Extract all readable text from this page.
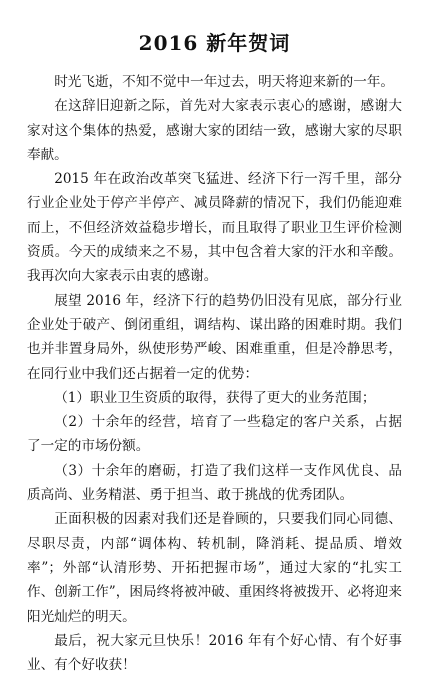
2016 新年贺词

时光飞逝，不知不觉中一年过去，明天将迎来新的一年。

在这辞旧迎新之际，首先对大家表示衷心的感谢，感谢大家对这个集体的热爱，感谢大家的团结一致，感谢大家的尽职奉献。

2015 年在政治改革突飞猛进、经济下行一泻千里，部分行业企业处于停产半停产、减员降薪的情况下，我们仍能迎难而上，不但经济效益稳步增长，而且取得了职业卫生评价检测资质。今天的成绩来之不易，其中包含着大家的汗水和辛酸。我再次向大家表示由衷的感谢。

展望 2016 年，经济下行的趋势仍旧没有见底，部分行业企业处于破产、倒闭重组，调结构、谋出路的困难时期。我们也并非置身局外，纵使形势严峻、困难重重，但是冷静思考，在同行业中我们还占据着一定的优势：

（1）职业卫生资质的取得，获得了更大的业务范围；

（2）十余年的经营，培育了一些稳定的客户关系，占据了一定的市场份额。

（3）十余年的磨砺，打造了我们这样一支作风优良、品质高尚、业务精湛、勇于担当、敢于挑战的优秀团队。

正面积极的因素对我们还是眷顾的，只要我们同心同德、尽职尽责，内部“调体构、转机制，降消耗、提品质、增效率”；外部“认清形势、开拓把握市场”，通过大家的“扎实工作、创新工作”，困局终将被冲破、重困终将被拨开、必将迎来阳光灿烂的明天。

最后，祝大家元旦快乐！2016 年有个好心情、有个好事业、有个好收获！
